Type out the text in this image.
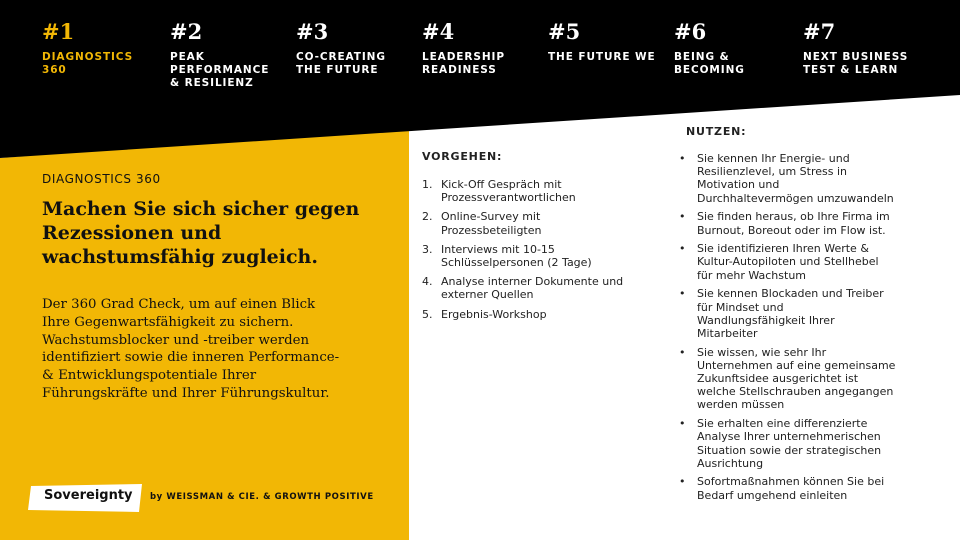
#1
DIAGNOSTICS
360
#2
PEAK
PERFORMANCE
& RESILIENZ
#3
CO-CREATING
THE FUTURE
#4
LEADERSHIP
READINESS
#5
THE FUTURE WE
#6
BEING &
BECOMING
#7
NEXT BUSINESS
TEST & LEARN
DIAGNOSTICS 360
Machen Sie sich sicher gegen
Rezessionen und
wachstumsfähig zugleich.
Der 360 Grad Check, um auf einen Blick
Ihre Gegenwartsfähigkeit zu sichern.
Wachstumsblocker und -treiber werden
identifiziert sowie die inneren Performance-
& Entwicklungspotentiale Ihrer
Führungskräfte und Ihrer Führungskultur.
Sovereignty by WEISSMAN & CIE. & GROWTH POSITIVE
VORGEHEN:
1. Kick-Off Gespräch mit
Prozessverantwortlichen
2. Online-Survey mit
Prozessbeteiligten
3. Interviews mit 10-15
Schlüsselpersonen (2 Tage)
4. Analyse interner Dokumente und
externer Quellen
5. Ergebnis-Workshop
NUTZEN:
• Sie kennen Ihr Energie- und
Resilienzlevel, um Stress in
Motivation und
Durchhaltevermögen umzuwandeln
• Sie finden heraus, ob Ihre Firma im
Burnout, Boreout oder im Flow ist.
• Sie identifizieren Ihren Werte &
Kultur-Autopiloten und Stellhebel
für mehr Wachstum
• Sie kennen Blockaden und Treiber
für Mindset und
Wandlungsfähigkeit Ihrer
Mitarbeiter
• Sie wissen, wie sehr Ihr
Unternehmen auf eine gemeinsame
Zukunftsidee ausgerichtet ist
welche Stellschrauben angegangen
werden müssen
• Sie erhalten eine differenzierte
Analyse Ihrer unternehmerischen
Situation sowie der strategischen
Ausrichtung
• Sofortmaßnahmen können Sie bei
Bedarf umgehend einleiten
